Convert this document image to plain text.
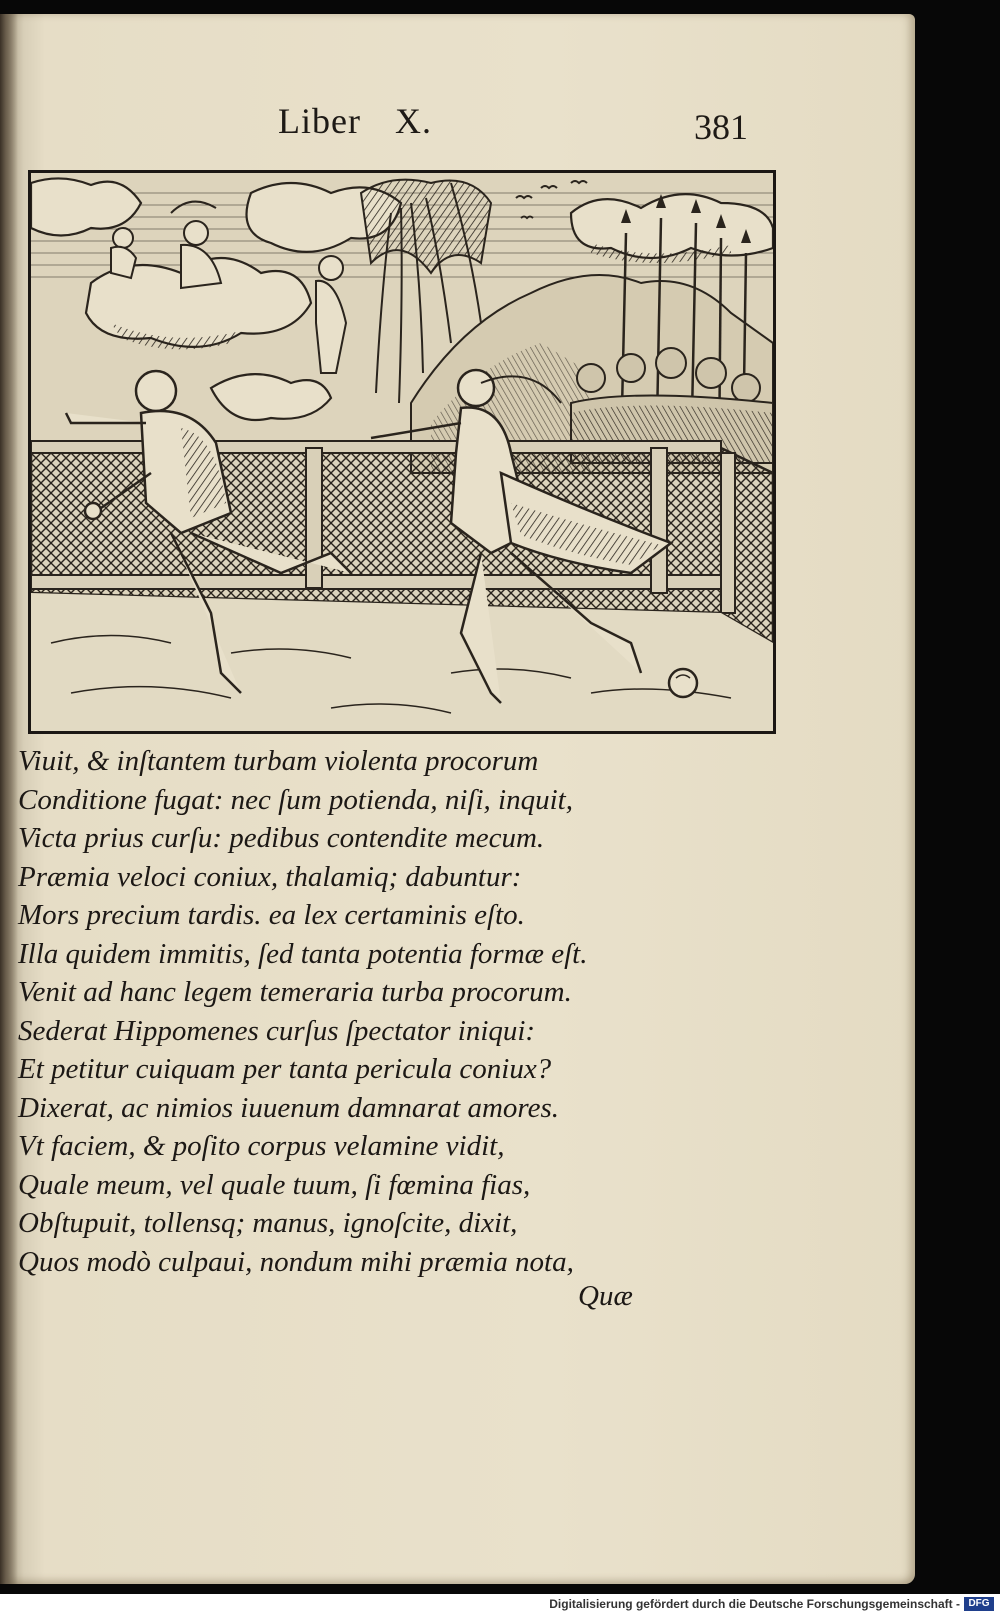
Liber X.	381
Viuit, & inſtantem turbam violenta procorum
Conditione fugat: nec ſum potienda, niſi, inquit,
Victa prius curſu: pedibus contendite mecum.
Præmia veloci coniux, thalamiq; dabuntur:
Mors precium tardis. ea lex certaminis eſto.
Illa quidem immitis, ſed tanta potentia formæ eſt.
Venit ad hanc legem temeraria turba procorum.
Sederat Hippomenes curſus ſpectator iniqui:
Et petitur cuiquam per tanta pericula coniux?
Dixerat, ac nimios iuuenum damnarat amores.
Vt faciem, & poſito corpus velamine vidit,
Quale meum, vel quale tuum, ſi fœmina fias,
Obſtupuit, tollensq; manus, ignoſcite, dixit,
Quos modò culpaui, nondum mihi præmia nota,
Quæ
Digitalisierung gefördert durch die Deutsche Forschungsgemeinschaft - DFG
